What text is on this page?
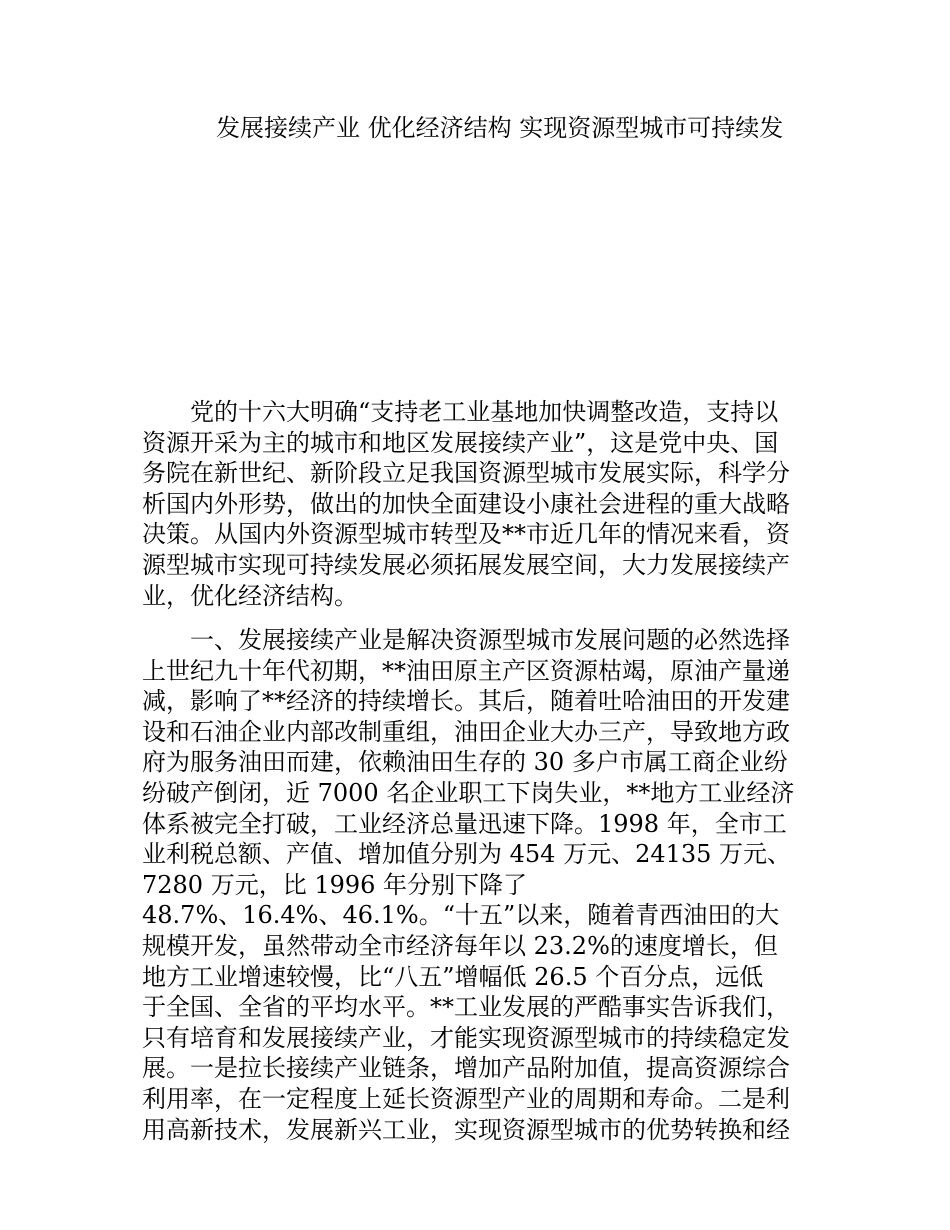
发展接续产业 优化经济结构 实现资源型城市可持续发
党的十六大明确“支持老工业基地加快调整改造，支持以
资源开采为主的城市和地区发展接续产业”，这是党中央、国
务院在新世纪、新阶段立足我国资源型城市发展实际，科学分
析国内外形势，做出的加快全面建设小康社会进程的重大战略
决策。从国内外资源型城市转型及**市近几年的情况来看，资
源型城市实现可持续发展必须拓展发展空间，大力发展接续产
业，优化经济结构。
一、发展接续产业是解决资源型城市发展问题的必然选择
上世纪九十年代初期，**油田原主产区资源枯竭，原油产量递
减，影响了**经济的持续增长。其后，随着吐哈油田的开发建
设和石油企业内部改制重组，油田企业大办三产，导致地方政
府为服务油田而建，依赖油田生存的 30 多户市属工商企业纷
纷破产倒闭，近 7000 名企业职工下岗失业，**地方工业经济
体系被完全打破，工业经济总量迅速下降。1998 年，全市工
业利税总额、产值、增加值分别为 454 万元、24135 万元、
7280 万元，比 1996 年分别下降了
48.7%、16.4%、46.1%。“十五”以来，随着青西油田的大
规模开发，虽然带动全市经济每年以 23.2%的速度增长，但
地方工业增速较慢，比“八五”增幅低 26.5 个百分点，远低
于全国、全省的平均水平。**工业发展的严酷事实告诉我们，
只有培育和发展接续产业，才能实现资源型城市的持续稳定发
展。一是拉长接续产业链条，增加产品附加值，提高资源综合
利用率，在一定程度上延长资源型产业的周期和寿命。二是利
用高新技术，发展新兴工业，实现资源型城市的优势转换和经
